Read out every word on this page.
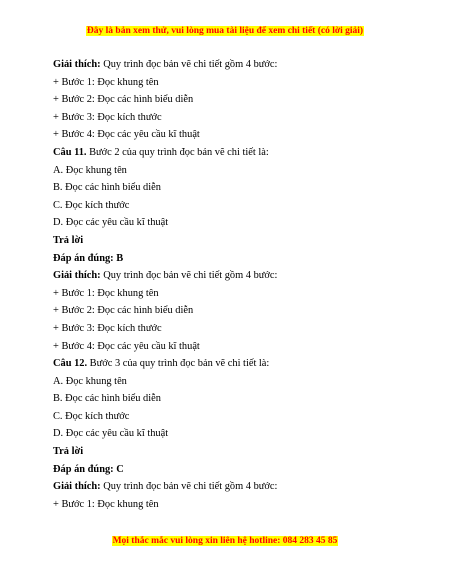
Đây là bản xem thử, vui lòng mua tài liệu để xem chi tiết (có lời giải)
Giải thích: Quy trình đọc bản vẽ chi tiết gồm 4 bước:
+ Bước 1: Đọc khung tên
+ Bước 2: Đọc các hình biểu diễn
+ Bước 3: Đọc kích thước
+ Bước 4: Đọc các yêu cầu kĩ thuật
Câu 11. Bước 2 của quy trình đọc bản vẽ chi tiết là:
A. Đọc khung tên
B. Đọc các hình biểu diễn
C. Đọc kích thước
D. Đọc các yêu cầu kĩ thuật
Trả lời
Đáp án đúng: B
Giải thích: Quy trình đọc bản vẽ chi tiết gồm 4 bước:
+ Bước 1: Đọc khung tên
+ Bước 2: Đọc các hình biểu diễn
+ Bước 3: Đọc kích thước
+ Bước 4: Đọc các yêu cầu kĩ thuật
Câu 12. Bước 3 của quy trình đọc bản vẽ chi tiết là:
A. Đọc khung tên
B. Đọc các hình biểu diễn
C. Đọc kích thước
D. Đọc các yêu cầu kĩ thuật
Trả lời
Đáp án đúng: C
Giải thích: Quy trình đọc bản vẽ chi tiết gồm 4 bước:
+ Bước 1: Đọc khung tên
Mọi thắc mắc vui lòng xin liên hệ hotline: 084 283 45 85
